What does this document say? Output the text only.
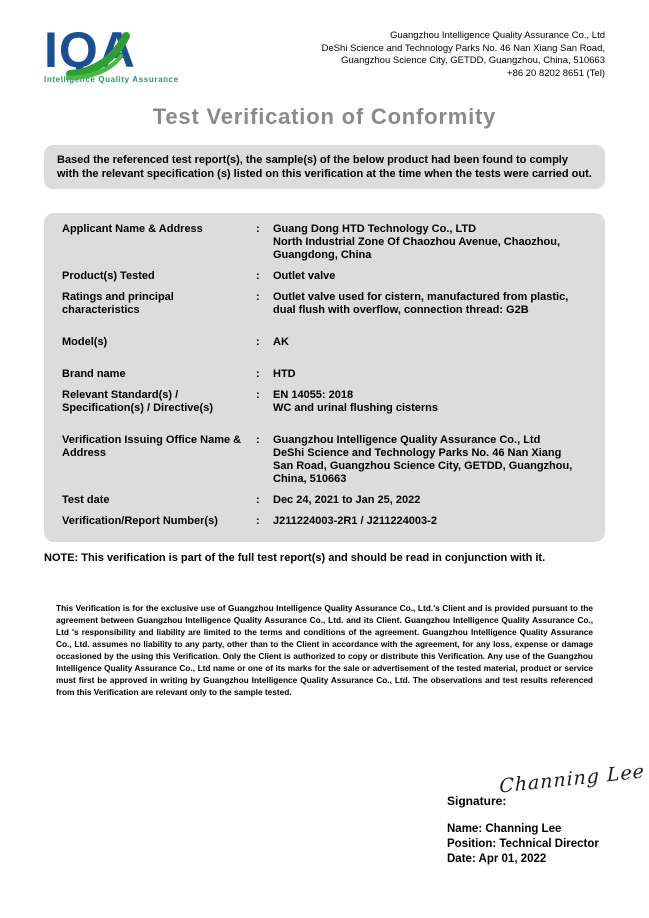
IQA
Intelligence Quality Assurance
Guangzhou Intelligence Quality Assurance Co., Ltd
DeShi Science and Technology Parks No. 46 Nan Xiang San Road,
Guangzhou Science City, GETDD, Guangzhou, China, 510663
+86 20 8202 8651 (Tel)
Test Verification of Conformity
Based the referenced test report(s), the sample(s) of the below product had been found to comply with the relevant specification (s) listed on this verification at the time when the tests were carried out.
Applicant Name & Address	:	Guang Dong HTD Technology Co., LTD
North Industrial Zone Of Chaozhou Avenue, Chaozhou,
Guangdong, China
Product(s) Tested	:	Outlet valve
Ratings and principal
characteristics
:	Outlet valve used for cistern, manufactured from plastic,
dual flush with overflow, connection thread: G2B
Model(s)	:	AK
Brand name	:	HTD
Relevant Standard(s) /
Specification(s) / Directive(s)
:	EN 14055: 2018
WC and urinal flushing cisterns
Verification Issuing Office Name &
Address
:	Guangzhou Intelligence Quality Assurance Co., Ltd
DeShi Science and Technology Parks No. 46 Nan Xiang
San Road, Guangzhou Science City, GETDD, Guangzhou,
China, 510663
Test date	:	Dec 24, 2021 to Jan 25, 2022
Verification/Report Number(s)	:	J211224003-2R1 / J211224003-2
NOTE: This verification is part of the full test report(s) and should be read in conjunction with it.
This Verification is for the exclusive use of Guangzhou Intelligence Quality Assurance Co., Ltd.'s Client and is provided pursuant to the agreement between Guangzhou Intelligence Quality Assurance Co., Ltd. and its Client. Guangzhou Intelligence Quality Assurance Co., Ltd 's responsibility and liability are limited to the terms and conditions of the agreement. Guangzhou Intelligence Quality Assurance Co., Ltd. assumes no liability to any party, other than to the Client in accordance with the agreement, for any loss, expense or damage occasioned by the using this Verification. Only the Client is authorized to copy or distribute this Verification. Any use of the Guangzhou Intelligence Quality Assurance Co., Ltd name or one of its marks for the sale or advertisement of the tested material, product or service must first be approved in writing by Guangzhou Intelligence Quality Assurance Co., Ltd. The observations and test results referenced from this Verification are relevant only to the sample tested.
Channing Lee
Signature:
Name: Channing Lee
Position: Technical Director
Date: Apr 01, 2022
